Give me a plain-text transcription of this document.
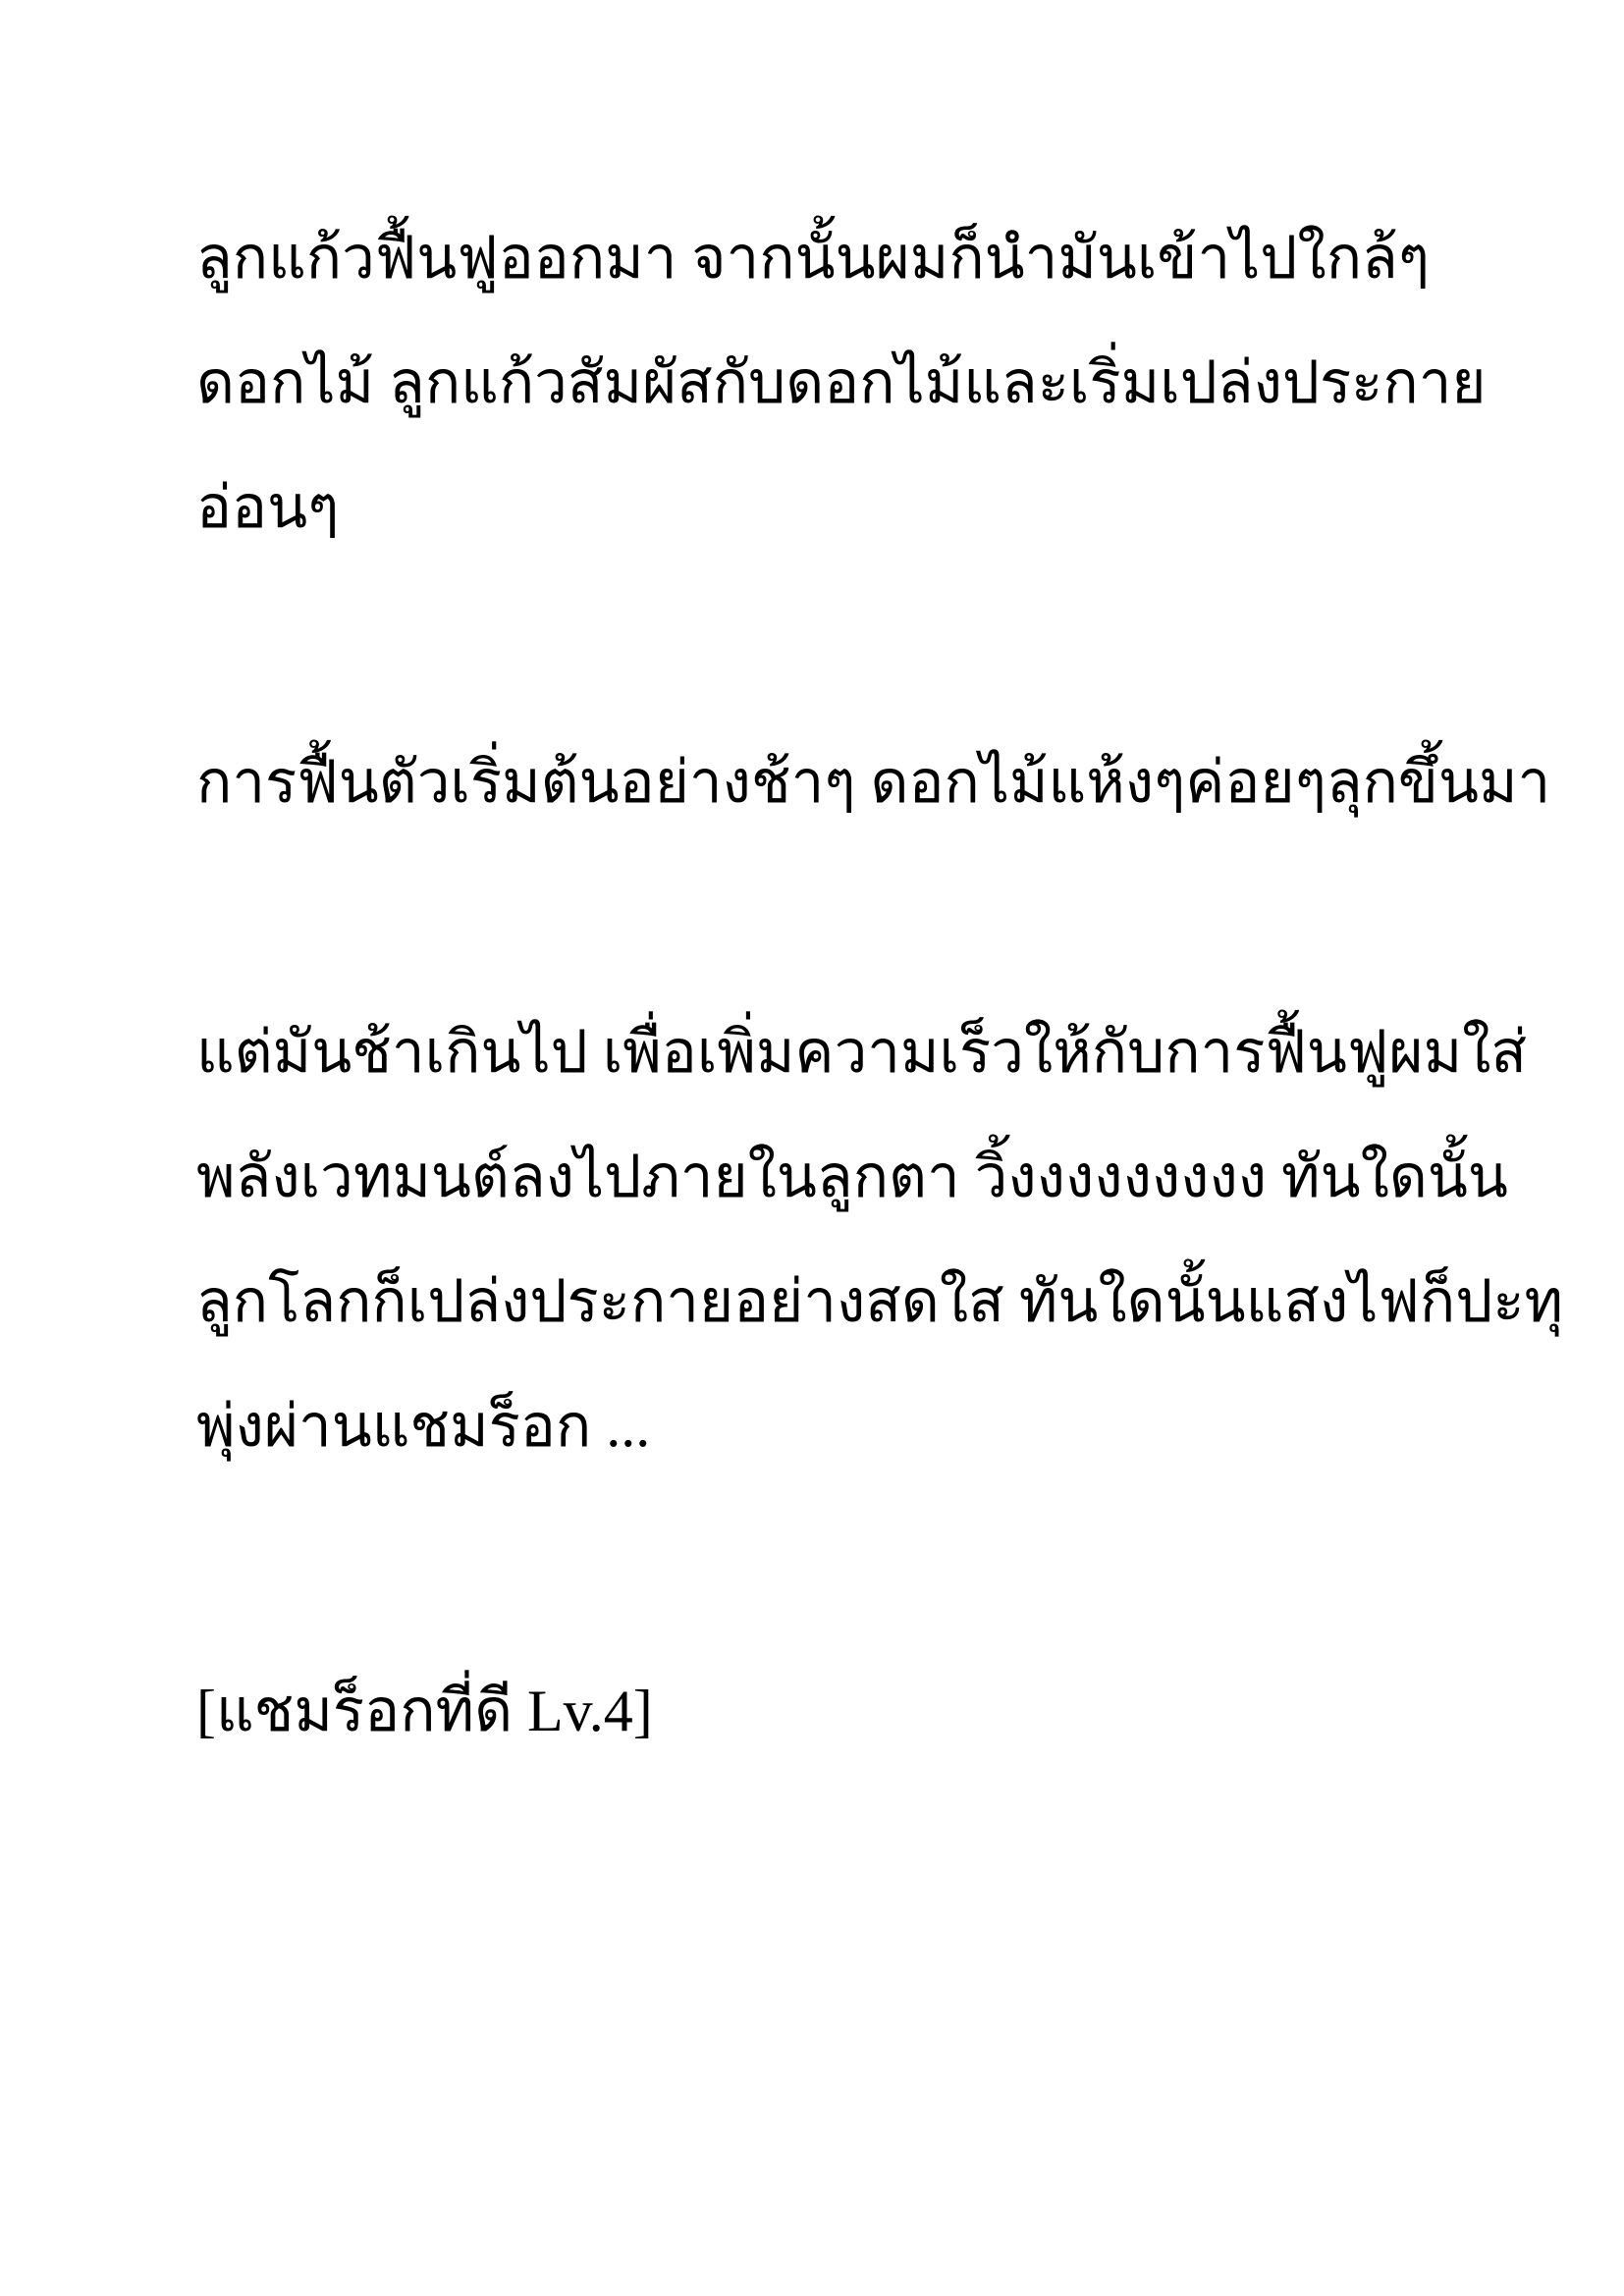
ลูกแก้วฟื้นฟูออกมา จากนั้นผมก็นำมันเข้าไปใกล้ๆ
ดอกไม้ ลูกแก้วสัมผัสกับดอกไม้และเริ่มเปล่งประกาย
อ่อนๆ

การฟื้นตัวเริ่มต้นอย่างช้าๆ ดอกไม้แห้งๆค่อยๆลุกขึ้นมา

แต่มันช้าเกินไป เพื่อเพิ่มความเร็วให้กับการฟื้นฟูผมใส่
พลังเวทมนต์ลงไปภายในลูกตา วิ้งงงงงงงงง ทันใดนั้น
ลูกโลกก็เปล่งประกายอย่างสดใส ทันใดนั้นแสงไฟก็ปะทุ
พุ่งผ่านแชมร็อก ...

[แชมร็อกที่ดี Lv.4]
